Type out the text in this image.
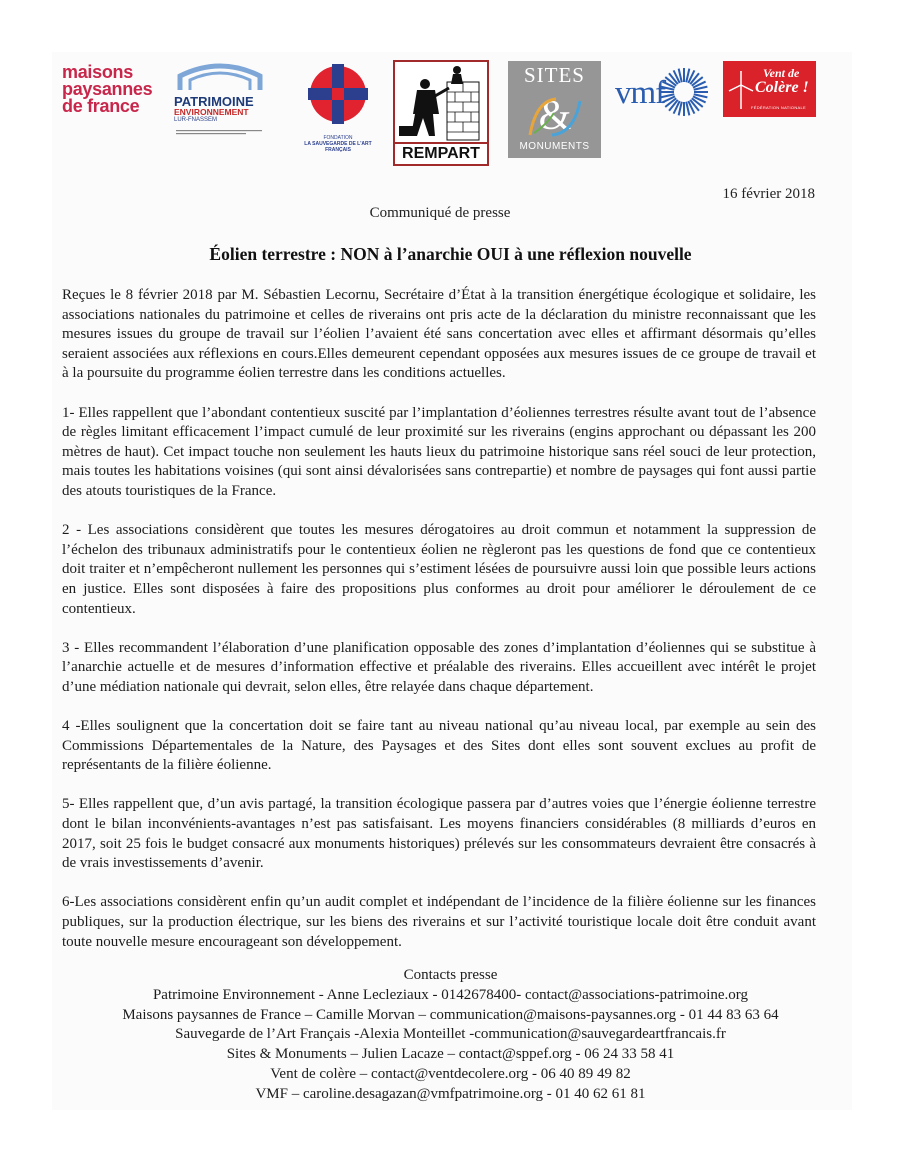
maisons
paysannes
de france	PATRIMOINE
ENVIRONNEMENT
LUR-FNASSEM
FONDATION
LA SAUVEGARDE DE L'ART
FRANÇAIS	REMPART
SITES
&
MONUMENTS
vmf
Vent de
Colère !
FÉDÉRATION NATIONALE
16 février 2018
Communiqué de presse
Éolien terrestre : NON à l’anarchie OUI à une réflexion nouvelle

Reçues le 8 février 2018 par M. Sébastien Lecornu, Secrétaire d’État à la transition énergétique écologique et solidaire, les associations nationales du patrimoine et celles de riverains ont pris acte de la déclaration du ministre reconnaissant que les mesures issues du groupe de travail sur l’éolien l’avaient été sans concertation avec elles et affirmant désormais qu’elles seraient associées aux réflexions en cours.Elles demeurent cependant opposées aux mesures issues de ce groupe de travail et à la poursuite du programme éolien terrestre dans les conditions actuelles.

1- Elles rappellent que l’abondant contentieux suscité par l’implantation d’éoliennes terrestres résulte avant tout de l’absence de règles limitant efficacement l’impact cumulé de leur proximité sur les riverains (engins approchant ou dépassant les 200 mètres de haut). Cet impact touche non seulement les hauts lieux du patrimoine historique sans réel souci de leur protection, mais toutes les habitations voisines (qui sont ainsi dévalorisées sans contrepartie) et nombre de paysages qui font aussi partie des atouts touristiques de la France.

2 - Les associations considèrent que toutes les mesures dérogatoires au droit commun et notamment la suppression de l’échelon des tribunaux administratifs pour le contentieux éolien ne règleront pas les questions de fond que ce contentieux doit traiter et n’empêcheront nullement les personnes qui s’estiment lésées de poursuivre aussi loin que possible leurs actions en justice. Elles sont disposées à faire des propositions plus conformes au droit pour améliorer le déroulement de ce contentieux.

3 - Elles recommandent l’élaboration d’une planification opposable des zones d’implantation d’éoliennes qui se substitue à l’anarchie actuelle et de mesures d’information effective et préalable des riverains. Elles accueillent avec intérêt le projet d’une médiation nationale qui devrait, selon elles, être relayée dans chaque département.

4 -Elles soulignent que la concertation doit se faire tant au niveau national qu’au niveau local, par exemple au sein des Commissions Départementales de la Nature, des Paysages et des Sites dont elles sont souvent exclues au profit de représentants de la filière éolienne.

5- Elles rappellent que, d’un avis partagé, la transition écologique passera par d’autres voies que l’énergie éolienne terrestre dont le bilan inconvénients-avantages n’est pas satisfaisant. Les moyens financiers considérables (8 milliards d’euros en 2017, soit 25 fois le budget consacré aux monuments historiques) prélevés sur les consommateurs devraient être consacrés à de vrais investissements d’avenir.

6-Les associations considèrent enfin qu’un audit complet et indépendant de l’incidence de la filière éolienne sur les finances publiques, sur la production électrique, sur les biens des riverains et sur l’activité touristique locale doit être conduit avant toute nouvelle mesure encourageant son développement.

Contacts presse
Patrimoine Environnement - Anne Lecleziaux - 0142678400- contact@associations-patrimoine.org
Maisons paysannes de France – Camille Morvan – communication@maisons-paysannes.org - 01 44 83 63 64
Sauvegarde de l’Art Français -Alexia Monteillet -communication@sauvegardeartfrancais.fr
Sites & Monuments – Julien Lacaze – contact@sppef.org - 06 24 33 58 41
Vent de colère – contact@ventdecolere.org - 06 40 89 49 82
VMF – caroline.desagazan@vmfpatrimoine.org - 01 40 62 61 81
